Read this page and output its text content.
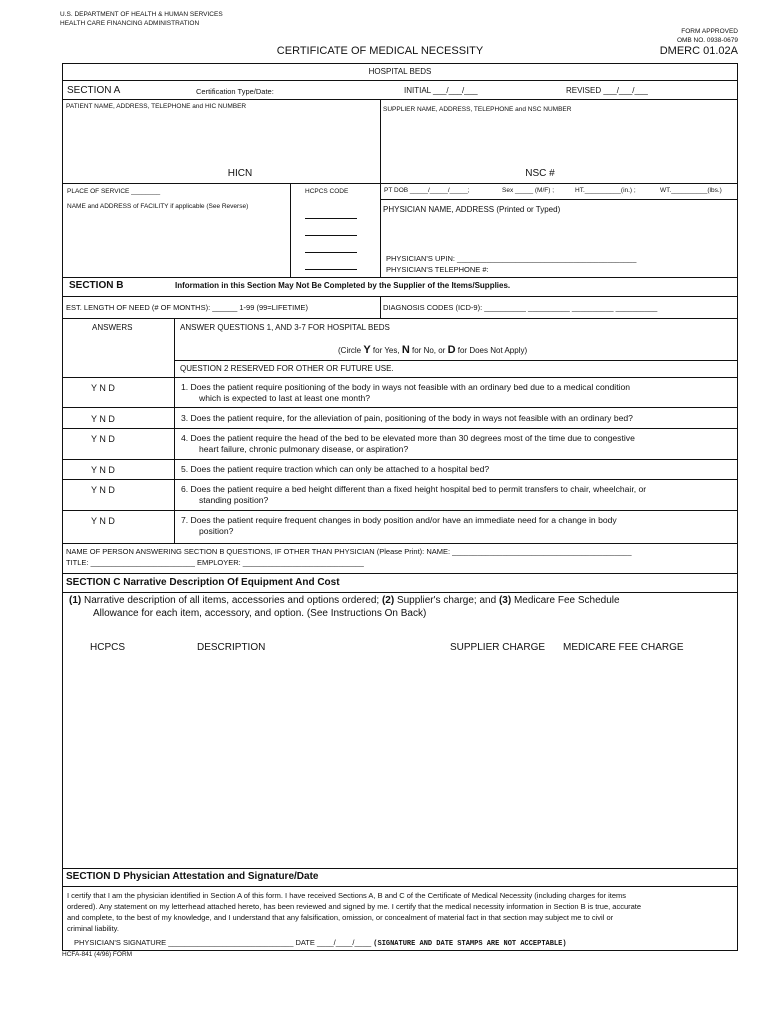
U.S. DEPARTMENT OF HEALTH & HUMAN SERVICES
HEALTH CARE FINANCING ADMINISTRATION
FORM APPROVED
OMB NO. 0938-0679
CERTIFICATE OF MEDICAL NECESSITY	DMERC 01.02A
HOSPITAL BEDS
SECTION A	Certification Type/Date:	INITIAL ___/___/___	REVISED ___/___/___
PATIENT NAME, ADDRESS, TELEPHONE and HIC NUMBER	SUPPLIER NAME, ADDRESS, TELEPHONE and NSC NUMBER
HICN	NSC #
PLACE OF SERVICE ________
NAME and ADDRESS of FACILITY if applicable (See Reverse)
HCPCS CODE	PT DOB _____/_____/_____;	Sex _____ (M/F) ;	HT.__________(in.) ;	WT.__________(lbs.)
PHYSICIAN NAME, ADDRESS (Printed or Typed)
PHYSICIAN'S UPIN: ___________________________________________
PHYSICIAN'S TELEPHONE #:
SECTION B	Information in this Section May Not Be Completed by the Supplier of the Items/Supplies.
EST. LENGTH OF NEED (# OF MONTHS): ______ 1-99 (99=LIFETIME)	DIAGNOSIS CODES (ICD-9): __________ __________ __________ __________
ANSWERS	ANSWER QUESTIONS 1, AND 3-7 FOR HOSPITAL BEDS
(Circle Y for Yes, N for No, or D for Does Not Apply)
QUESTION 2 RESERVED FOR OTHER OR FUTURE USE.
Y N D	1. Does the patient require positioning of the body in ways not feasible with an ordinary bed due to a medical condition
which is expected to last at least one month?
Y N D	3. Does the patient require, for the alleviation of pain, positioning of the body in ways not feasible with an ordinary bed?
Y N D	4. Does the patient require the head of the bed to be elevated more than 30 degrees most of the time due to congestive
heart failure, chronic pulmonary disease, or aspiration?
Y N D	5. Does the patient require traction which can only be attached to a hospital bed?
Y N D	6. Does the patient require a bed height different than a fixed height hospital bed to permit transfers to chair, wheelchair, or
standing position?
Y N D	7. Does the patient require frequent changes in body position and/or have an immediate need for a change in body
position?
NAME OF PERSON ANSWERING SECTION B QUESTIONS, IF OTHER THAN PHYSICIAN (Please Print): NAME: ___________________________________________
TITLE: _________________________ EMPLOYER: _____________________________
SECTION C Narrative Description Of Equipment And Cost
(1) Narrative description of all items, accessories and options ordered; (2) Supplier's charge; and (3) Medicare Fee Schedule
Allowance for each item, accessory, and option. (See Instructions On Back)
HCPCS	DESCRIPTION	SUPPLIER CHARGE MEDICARE FEE CHARGE
SECTION D Physician Attestation and Signature/Date
I certify that I am the physician identified in Section A of this form. I have received Sections A, B and C of the Certificate of Medical Necessity (including charges for items
ordered). Any statement on my letterhead attached hereto, has been reviewed and signed by me. I certify that the medical necessity information in Section B is true, accurate
and complete, to the best of my knowledge, and I understand that any falsification, omission, or concealment of material fact in that section may subject me to civil or
criminal liability.
PHYSICIAN'S SIGNATURE ______________________________ DATE ____/____/____ (SIGNATURE AND DATE STAMPS ARE NOT ACCEPTABLE)
HCFA-841 (4/96) FORM
